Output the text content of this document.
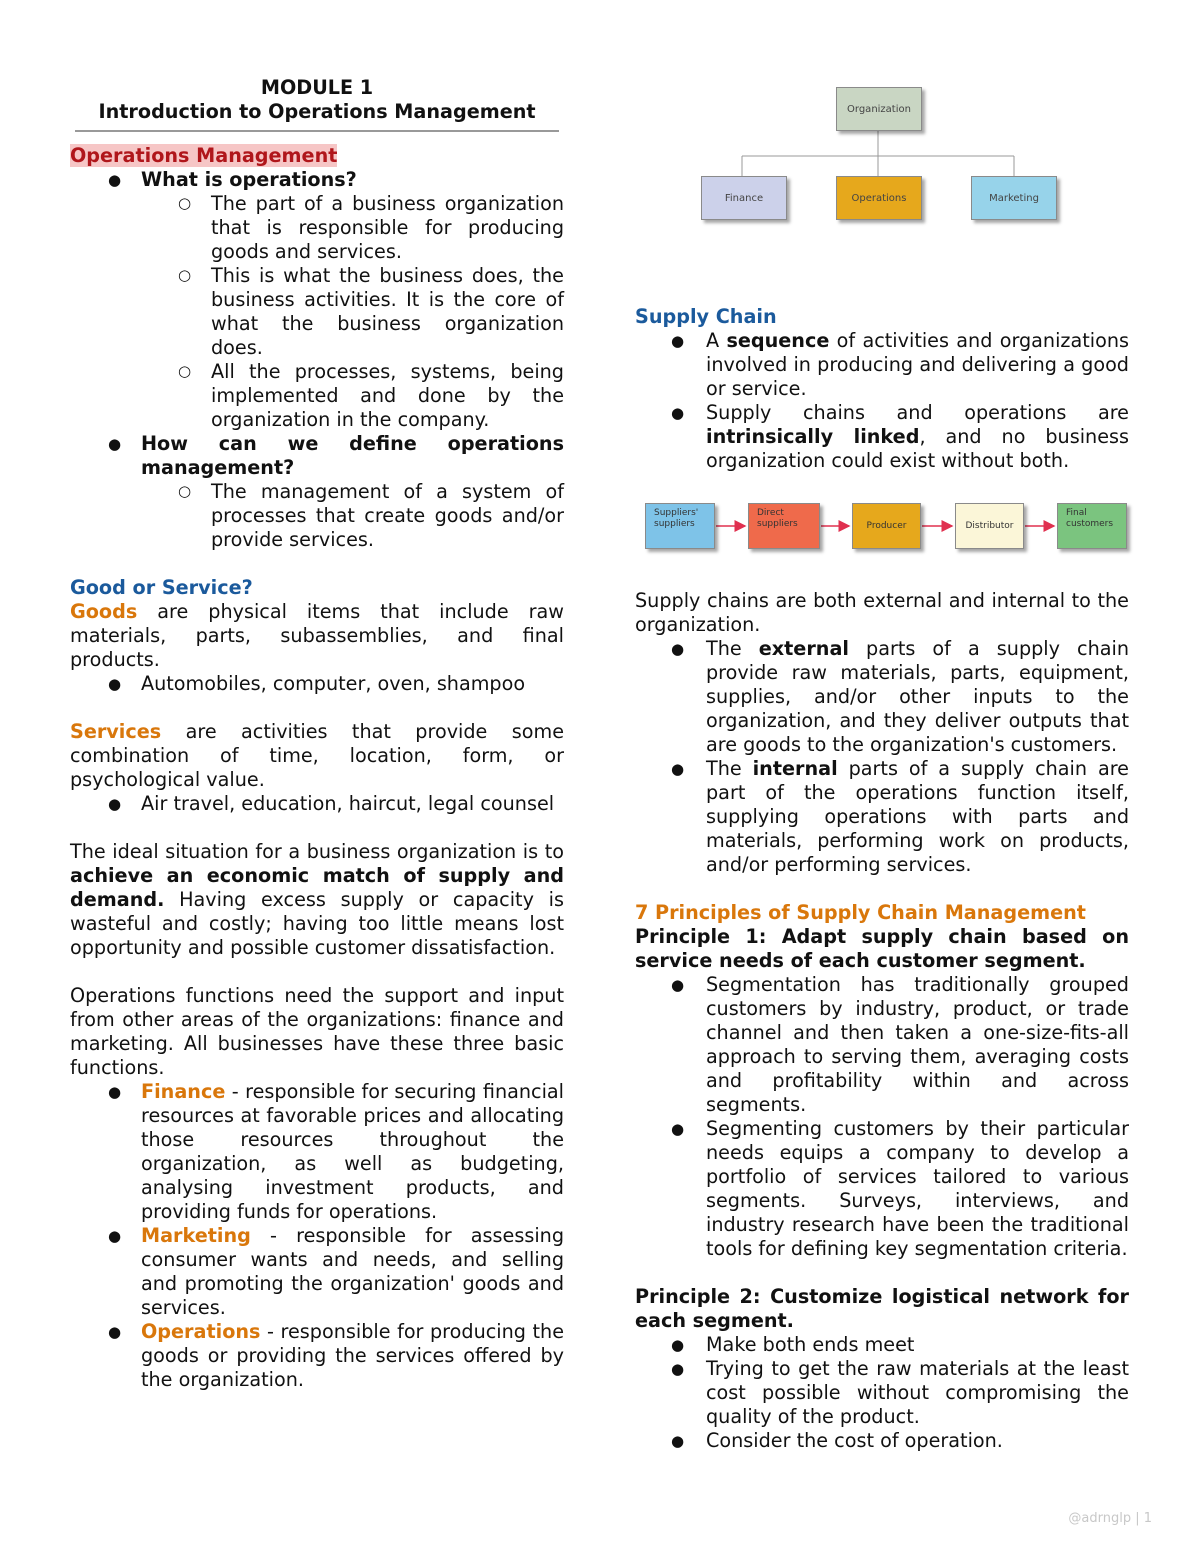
MODULE 1

Introduction to Operations Management

Operations Management

● What is operations?
○ The part of a business organization that is responsible for producing goods and services.

○ This is what the business does, the business activities. It is the core of what the business organization does.

○ All the processes, systems, being implemented and done by the organization in the company.

● How can we define operations management?

○ The management of a system of processes that create goods and/or provide services.

Good or Service?

Goods are physical items that include raw materials, parts, subassemblies, and final products.

● Automobiles, computer, oven, shampoo

Services are activities that provide some combination of time, location, form, or psychological value.

● Air travel, education, haircut, legal counsel

The ideal situation for a business organization is to achieve an economic match of supply and demand. Having excess supply or capacity is wasteful and costly; having too little means lost opportunity and possible customer dissatisfaction.

Operations functions need the support and input from other areas of the organizations: finance and marketing. All businesses have these three basic functions.

● Finance - responsible for securing financial resources at favorable prices and allocating those resources throughout the organization, as well as budgeting, analysing investment products, and providing funds for operations.

● Marketing - responsible for assessing consumer wants and needs, and selling and promoting the organization' goods and services.

● Operations - responsible for producing the goods or providing the services offered by the organization.

Organization
Finance	Operations	Marketing

Supply Chain

● A sequence of activities and organizations involved in producing and delivering a good or service.

● Supply chains and operations are intrinsically linked, and no business organization could exist without both.

Suppliers' suppliers
Direct suppliers	Producer	Distributor
Final customers

Supply chains are both external and internal to the organization.

● The external parts of a supply chain provide raw materials, parts, equipment, supplies, and/or other inputs to the organization, and they deliver outputs that are goods to the organization's customers.

● The internal parts of a supply chain are part of the operations function itself, supplying operations with parts and materials, performing work on products, and/or performing services.

7 Principles of Supply Chain Management

Principle 1: Adapt supply chain based on service needs of each customer segment.

● Segmentation has traditionally grouped customers by industry, product, or trade channel and then taken a one-size-fits-all approach to serving them, averaging costs and profitability within and across segments.

● Segmenting customers by their particular needs equips a company to develop a portfolio of services tailored to various segments. Surveys, interviews, and industry research have been the traditional tools for defining key segmentation criteria.

Principle 2: Customize logistical network for each segment.

● Make both ends meet

● Trying to get the raw materials at the least cost possible without compromising the quality of the product.

● Consider the cost of operation.

@adrnglp | 1
